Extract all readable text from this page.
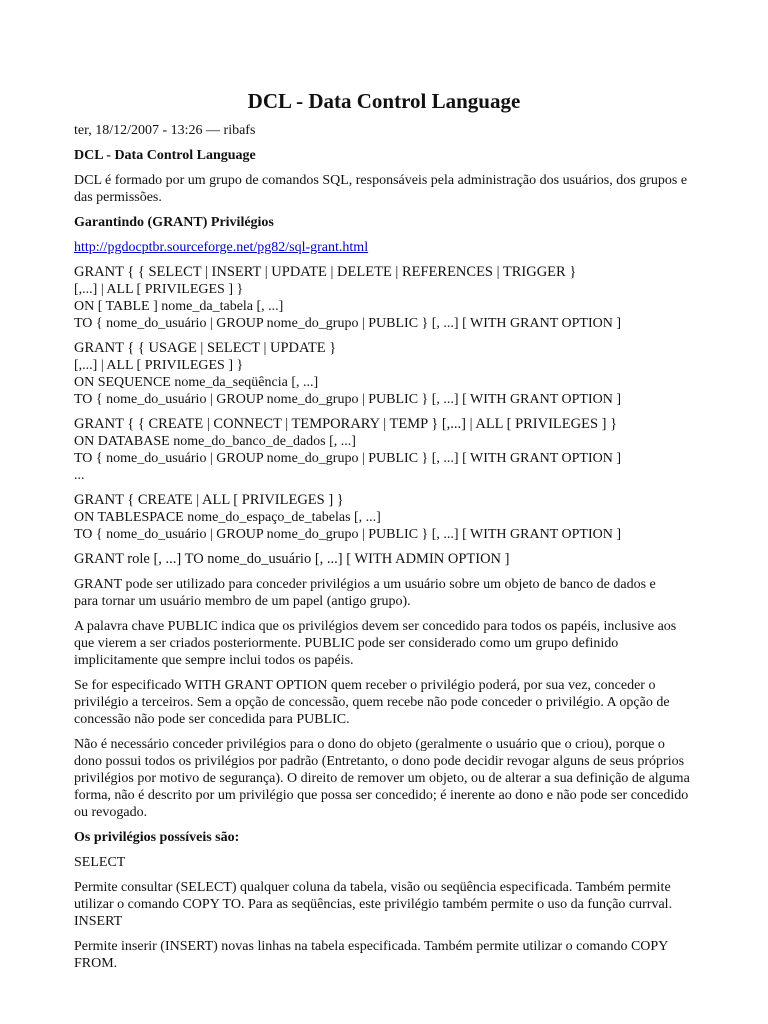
DCL - Data Control Language

ter, 18/12/2007 - 13:26 — ribafs

DCL - Data Control Language

DCL é formado por um grupo de comandos SQL, responsáveis pela administração dos usuários, dos grupos e das permissões.

Garantindo (GRANT) Privilégios

http://pgdocptbr.sourceforge.net/pg82/sql-grant.html
GRANT { { SELECT | INSERT | UPDATE | DELETE | REFERENCES | TRIGGER }
[,...] | ALL [ PRIVILEGES ] }
ON [ TABLE ] nome_da_tabela [, ...]
TO { nome_do_usuário | GROUP nome_do_grupo | PUBLIC } [, ...] [ WITH GRANT OPTION ]
GRANT { { USAGE | SELECT | UPDATE }
[,...] | ALL [ PRIVILEGES ] }
ON SEQUENCE nome_da_seqüência [, ...]
TO { nome_do_usuário | GROUP nome_do_grupo | PUBLIC } [, ...] [ WITH GRANT OPTION ]
GRANT { { CREATE | CONNECT | TEMPORARY | TEMP } [,...] | ALL [ PRIVILEGES ] }
ON DATABASE nome_do_banco_de_dados [, ...]
TO { nome_do_usuário | GROUP nome_do_grupo | PUBLIC } [, ...] [ WITH GRANT OPTION ]
...
GRANT { CREATE | ALL [ PRIVILEGES ] }
ON TABLESPACE nome_do_espaço_de_tabelas [, ...]
TO { nome_do_usuário | GROUP nome_do_grupo | PUBLIC } [, ...] [ WITH GRANT OPTION ]
GRANT role [, ...] TO nome_do_usuário [, ...] [ WITH ADMIN OPTION ]

GRANT pode ser utilizado para conceder privilégios a um usuário sobre um objeto de banco de dados e
para tornar um usuário membro de um papel (antigo grupo).

A palavra chave PUBLIC indica que os privilégios devem ser concedido para todos os papéis, inclusive aos que vierem a ser criados posteriormente. PUBLIC pode ser considerado como um grupo definido implicitamente que sempre inclui todos os papéis.

Se for especificado WITH GRANT OPTION quem receber o privilégio poderá, por sua vez, conceder o privilégio a terceiros. Sem a opção de concessão, quem recebe não pode conceder o privilégio. A opção de concessão não pode ser concedida para PUBLIC.

Não é necessário conceder privilégios para o dono do objeto (geralmente o usuário que o criou), porque o dono possui todos os privilégios por padrão (Entretanto, o dono pode decidir revogar alguns de seus próprios privilégios por motivo de segurança). O direito de remover um objeto, ou de alterar a sua definição de alguma forma, não é descrito por um privilégio que possa ser concedido; é inerente ao dono e não pode ser concedido ou revogado.

Os privilégios possíveis são:

SELECT

Permite consultar (SELECT) qualquer coluna da tabela, visão ou seqüência especificada. Também permite utilizar o comando COPY TO. Para as seqüências, este privilégio também permite o uso da função currval.

INSERT

Permite inserir (INSERT) novas linhas na tabela especificada. Também permite utilizar o comando COPY FROM.
